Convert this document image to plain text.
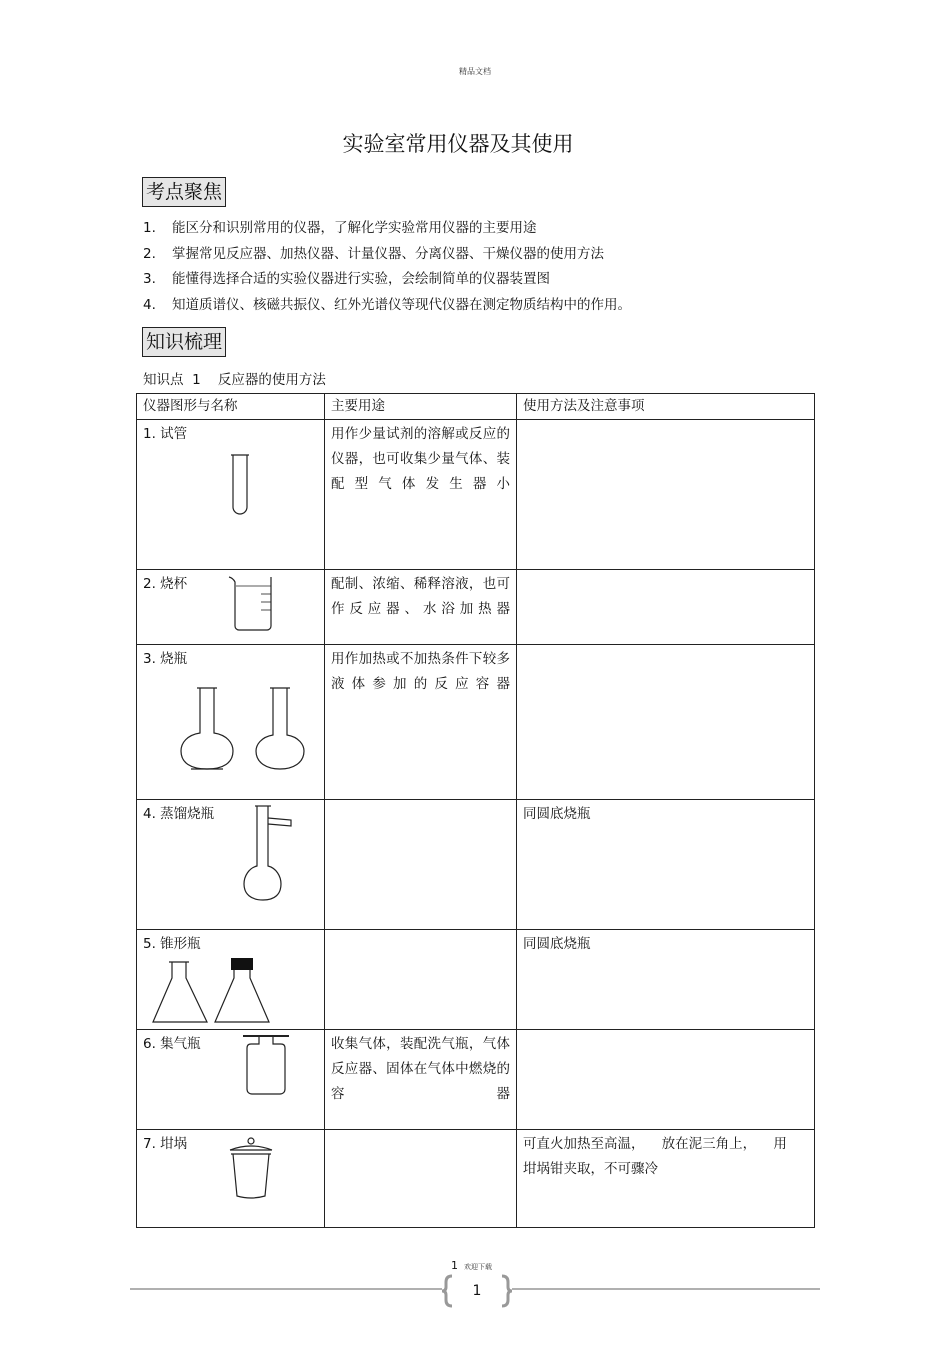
精品文档
实验室常用仪器及其使用
考点聚焦
1. 能区分和识别常用的仪器，了解化学实验常用仪器的主要用途
2. 掌握常见反应器、加热仪器、计量仪器、分离仪器、干燥仪器的使用方法
3. 能懂得选择合适的实验仪器进行实验，会绘制简单的仪器装置图
4. 知道质谱仪、核磁共振仪、红外光谱仪等现代仪器在测定物质结构中的作用。
知识梳理
知识点  1    反应器的使用方法
仪器图形与名称	主要用途	使用方法及注意事项

1. 试管	用作少量试剂的溶解或反应的仪器，也可收集少量气体、装配型气体发生器小	

2. 烧杯	配制、浓缩、稀释溶液，也可作反应器、水浴加热器	

3. 烧瓶	用作加热或不加热条件下较多液体参加的反应容器	

4. 蒸馏烧瓶		同圆底烧瓶

5. 锥形瓶		同圆底烧瓶

6. 集气瓶	收集气体，装配洗气瓶，气体反应器、固体在气体中燃烧的容器	

7. 坩埚		可直火加热至高温，    放在泥三角上，    用
坩埚钳夹取，不可骤冷
1 欢迎下载
1
